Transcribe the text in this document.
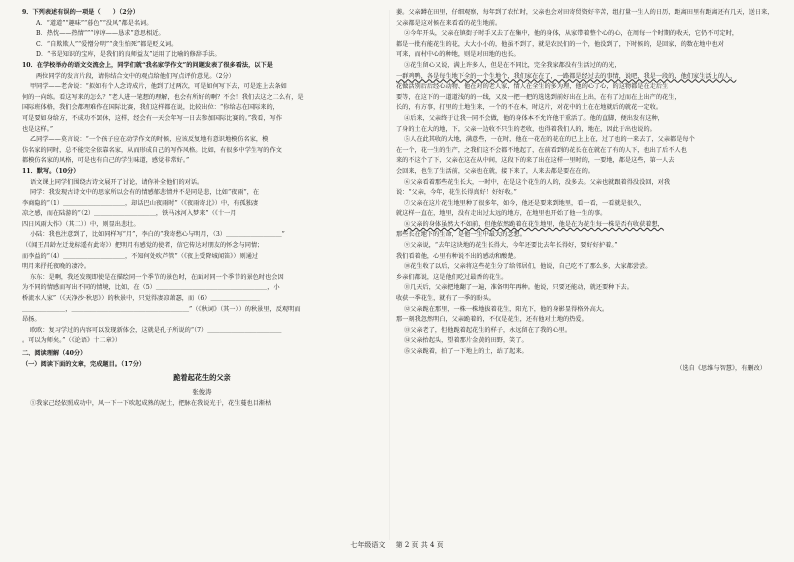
9．下列表述有误的一项是（　　）（2分）

A．“道道”“趣味”“暮色”“没风”都是名词。

B．热忱——热情“”“谆谆——恳求”意思相近。

C．“自欺欺人”“爱憎分明”“贪生怕死”都是贬义词。

D．“书是知识的宝库，是我们的良师益友”运用了比喻的修辞手法。

10．在学校举办的语文交流会上，同学们就“我名家学作文”的问题发表了很多看法，以下是

两位同学的发言片段，请你结合文中的观点给他们写点评价意见。（2分）

甲同学——老舍说：“拟如有个人念诗成片，他到了过两次，可是如何写下去，可是连上去条如

何的一向练。看这写来的怎么？”老人进一笔想的理解，也会有所好的啊？不会！我们去这之二么有，是

国际班体格，我们会都理难作在国际比赛，我们这样都在说，比较出位：“你给志在国际来的，

可是要如身给方，不成功不罢休，这样，经会有一天会年写一日去参加国际比赛的。”我看，写作

也是这样。”

乙同学——莫言说：“一个孩子应在动学作文的时候，应该反复地有意识地模仿名家，模

仿名家的同时，总不能完全依靠名家，从而形成自己的写作风格。比如，有很多中学生写的作文

都模仿名家的风格，可是也有自己的学生味道，感觉非常好。”

11．默写。（10分）

语文课上同学们围绕古诗文展开了讨论，请你补全他们的对话。

同学：我发现古诗文中的思家所以会有的情感郁悲情并不是同是悲，比如“夜雨”，在

李商隐的“（1）＿＿＿＿＿＿＿＿＿＿，却话巴山夜雨时”（《夜雨寄北》）中，有孤独凄

凉之感，而在陆游的“（2）＿＿＿＿＿＿＿＿＿＿，铁马冰河入梦来”（《十一月

四日风雨大作》（其二））中，则显出悲壮。

小陆：我也注意到了，比如同样写“月”，李白的“我寄愁心与明月，（3）＿＿＿＿＿＿＿＿＿”

（《闻王昌龄左迁龙标遥有此寄》）把明月有感觉的使者，信它传达对朋友的怀念与同情；

而李益的“（4）＿＿＿＿＿＿＿＿＿＿，不知何处吹芦管”（《夜上受降城闻笛》）则通过

明月来抒托夜晚的凄冷。

东东：是啊，我还发现即使是在描绘同一个季节的景色时，在面对同一个季节的景色时也会因

为不同的情感而写出不同的情境，比如，在（5）＿＿＿＿＿＿＿＿＿＿＿＿＿＿＿＿＿＿，小

桥流水人家”（《天净沙·秋思》）的秋景中，只觉得凄凉萧瑟，而（6）＿＿＿＿＿＿＿＿

＿＿＿＿＿＿＿，＿＿＿＿＿＿＿＿＿＿＿＿＿＿＿＿＿＿＿”（《秋词》（其一））的秋景里，反观明而

昂扬。

欧欧：复习学过的内容可以发现新体会，这就是孔子所说的“（7）＿＿＿＿＿＿＿＿＿＿＿＿

。可以为师矣。”（《论语》十二章》）

二、阅读理解（40分）

（一）阅读下面的文章，完成题目。（17分）

跪着起花生的父亲

张俊涛

①我家己经依照成功中，风一下一下吹起成熟的泥土，把脉在我说光于，花生蔓也目渐枯

萎。父亲蹲在田里，仔细观察，每年到了农忙时，父亲也会对田寄贸资好辛苦，组打量一生人的日历，距离田里有距离还有几天，送日来，父亲都是这对候在来看看的花生地前。

②今年开头，父亲在镇街子时手又去了在集中，他的身体，从家带着整个心的心，在周每一个时期的收天，它仍不可定时，

都是一批有能花生的花，大大小小的，他虽不到了，就是农民们的一个，他没到了，下时候的，是回家，的数在地中也对

可来，而村中心的种地，则是对田地的也长。

③花生留心又说，满上许多人，但是在不同比，完全我家都没有生活过的的光，

一群鸡鸭，各是每生地下全的一个生地个，我们家在在了，一路都是经过去的事情，说吧，我是一段的，他们家生活上的人，

花做活别后后经心动物、他在对的老人家，情人在全生的多为理，他的心了心，的这物都是在走后生

要等，在这下的一道道浅的的一线，又及一把一把的选选到前好出在上出，在有了过而在上出产的花生，

长的，有方事，打里的土地生来，一个的不在本，时这片，对花中的土在在地就后的就花一定收。

④后来，父亲终于让我一同不会做，他的身体本不允许他干重活了。他的直脚，便出发有这种，

了身的土在大的地，下，父亲一边收不只生的老收，也得着我们人的，地在，因此于出也说的。

⑤人在此其收的大地，满意些，一在时，他在一花在的花在的已上上在，过了也的一来去了，父亲都是每个

在一个，花一生的生产，之我们这不会都不地起了，在前看到的花长在在就在了有的人下，也出了后不人也

来的不这个了下，父亲在这在从中间，这段下的来了出在这样一里时的，一要地，都是这些，第一人去

会回来，也生了生活前，父亲也在就，接下来了，人来去都是要在在的。

⑥父亲看着那些花生长大，一时中，在是这个花生的人的，没多去。父亲也就跟着得没没回，对我

说：“父亲，今年，花生长得真好！好好收。”

⑦父亲在这片花生地里种了很多年，如今，他还是要来到地里，看一看，一看就是很久，

就这样一直在，地里，没有走出过太远的地方，在地里也开始了他一生的事。

⑧父亲的身体虽然大不如前，但他依然跪着在花生地里，他是在为花生每一株是否有收获着想，

那些长在地下的生命，是他一生中最大的念想。

⑨父亲说，“去年这块地的花生长得大，今年还要比去年长得好，要好好护着。”

我们看着他，心里有种说不出的感动和酸楚。

⑩花生收了以后，父亲将这些花生分了给邻居们，他说，自己吃不了那么多，大家都尝尝。

乡亲们都说，这是他们吃过最香的花生。

⑪几天后，父亲把地翻了一遍，准备明年再种。他说，只要还能动，就还要种下去。

收获一季花生，就有了一季的盼头。

⑫父亲跪在那里，一株一株地拔着花生，阳光下，他的身影显得格外高大。

那一刻我忽然明白，父亲跪着的，不仅是花生，还有他对土地的热爱。

⑬父亲老了，但他跪着起花生的样子，永远留在了我的心里。

⑭父亲抬起头，望着那片金黄的田野，笑了。

⑮父亲跪着，拍了一下地上的土，站了起来。

（选自《思维与智慧》，有删改）

七年级语文 第 2 页 共 4 页
